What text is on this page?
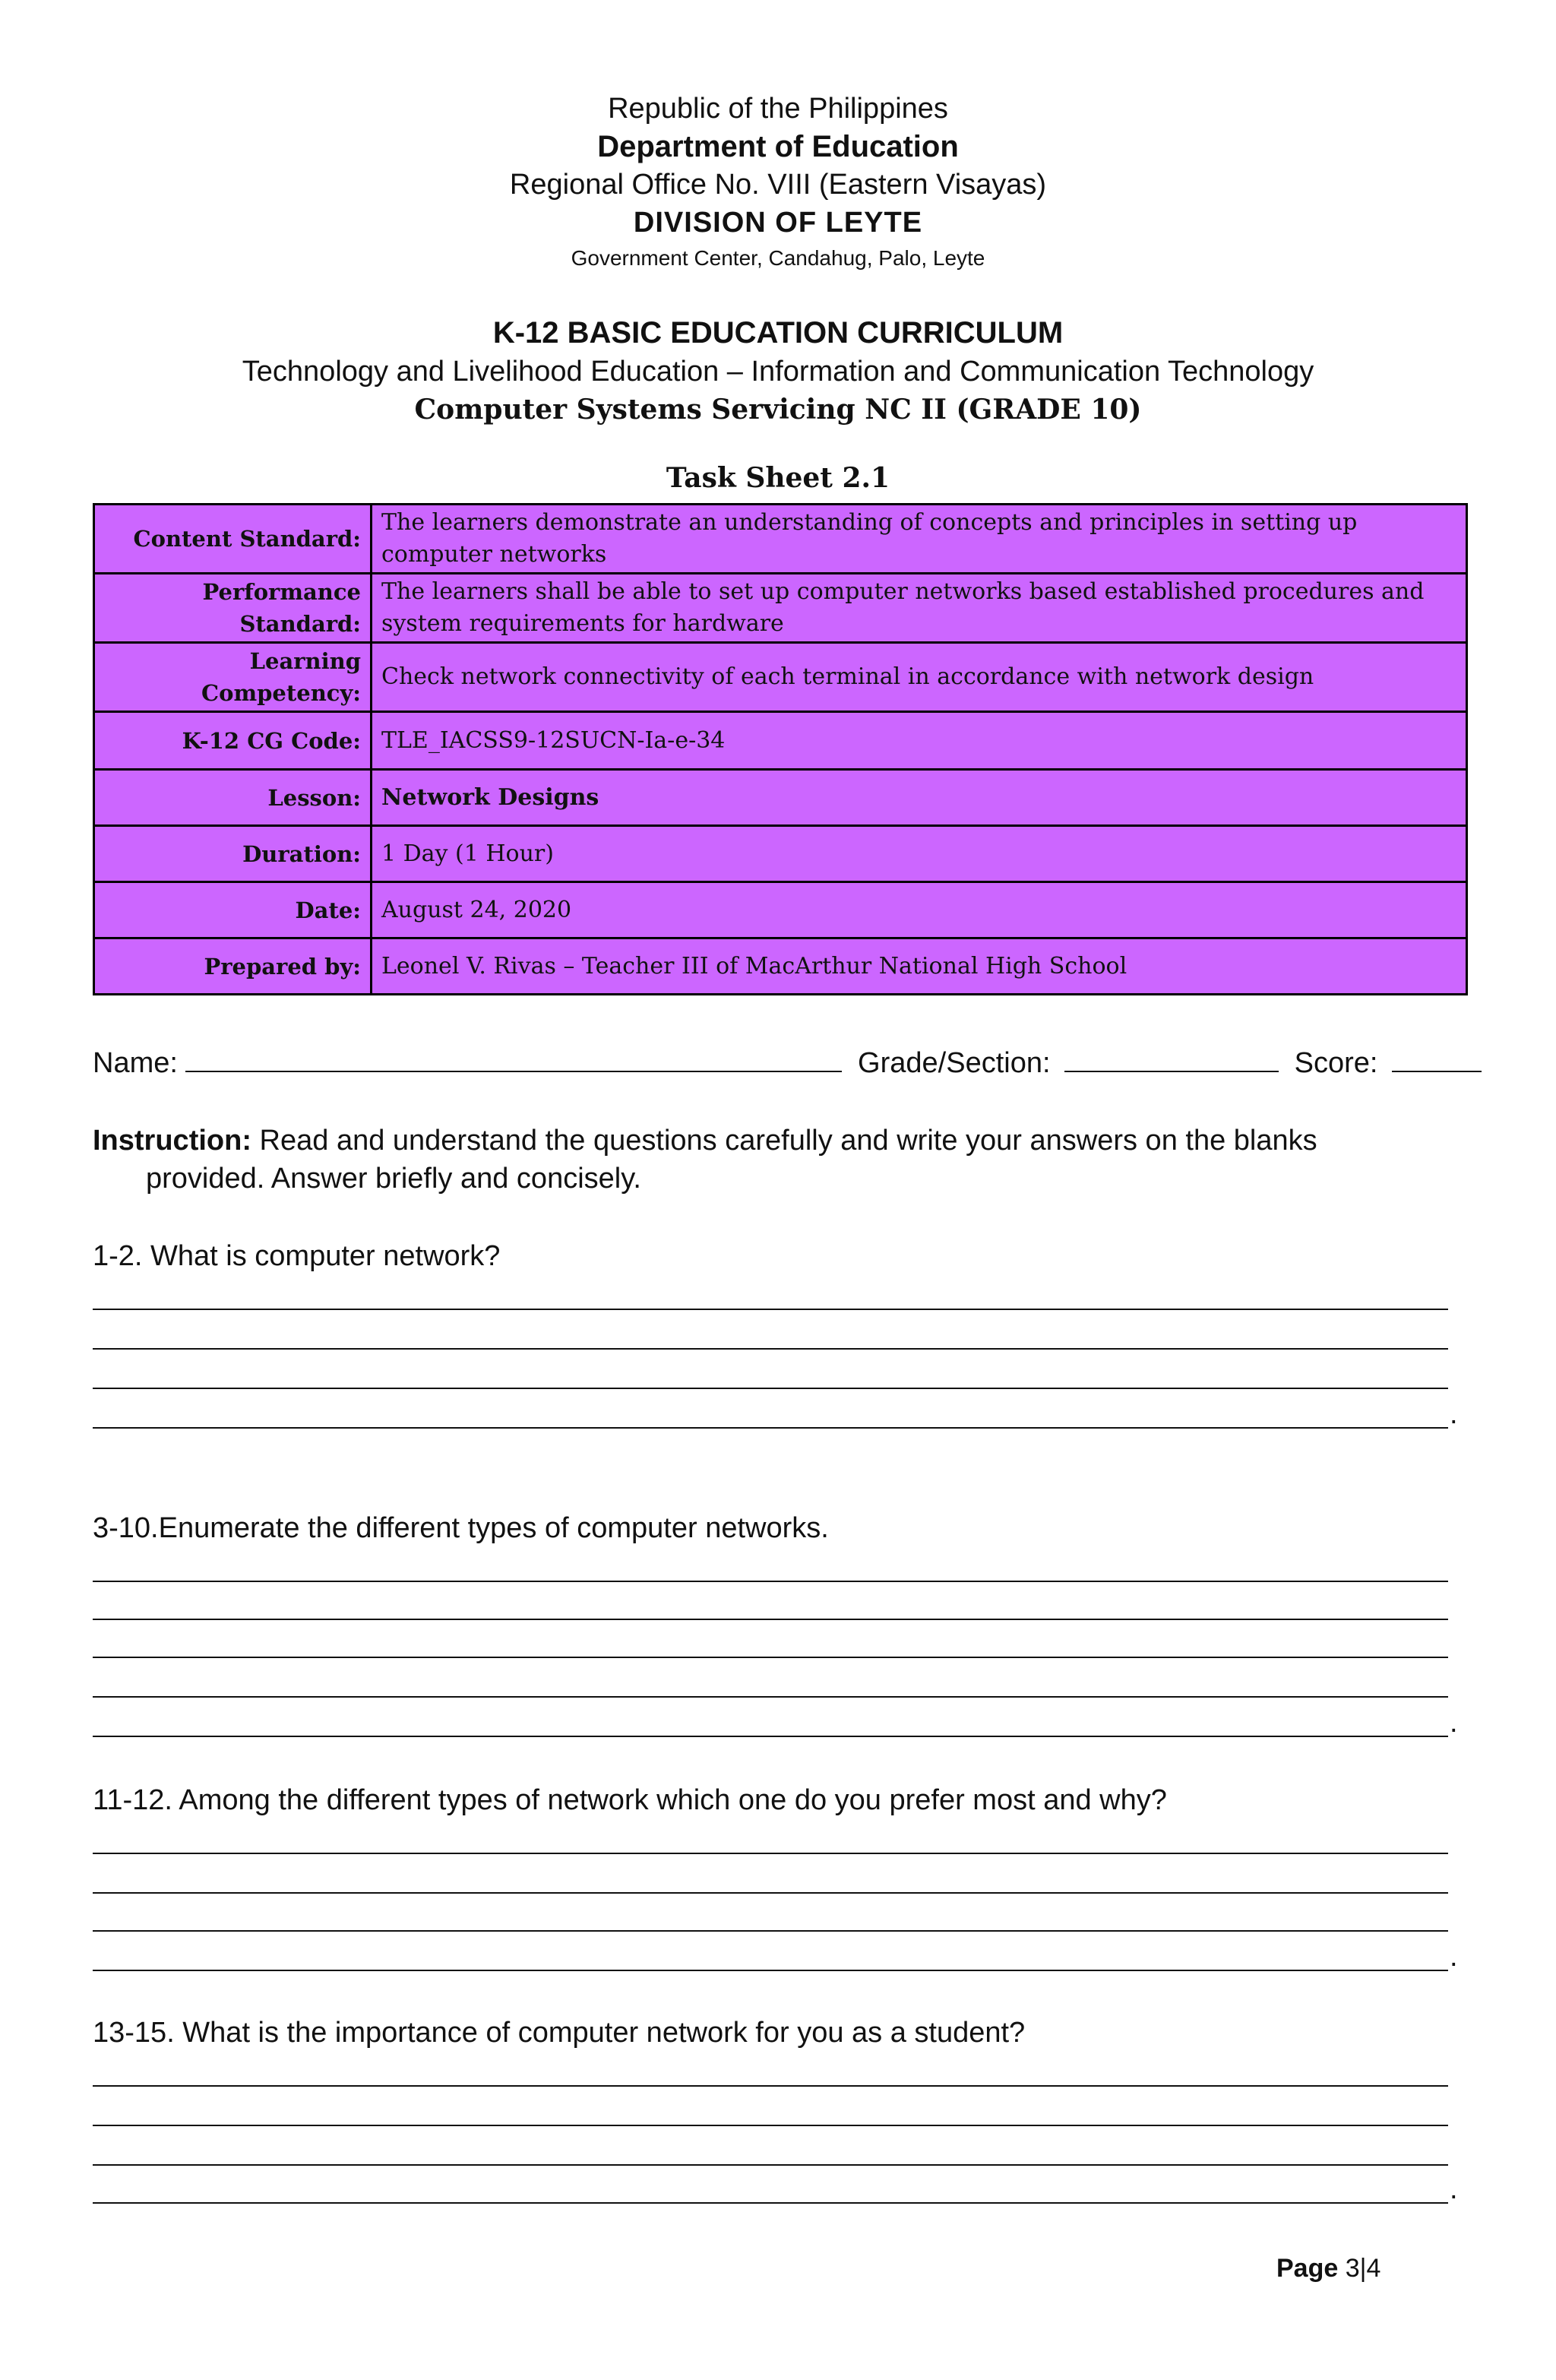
Republic of the Philippines

Department of Education

Regional Office No. VIII (Eastern Visayas)

DIVISION OF LEYTE

Government Center, Candahug, Palo, Leyte

K-12 BASIC EDUCATION CURRICULUM

Technology and Livelihood Education – Information and Communication Technology

Computer Systems Servicing NC II (GRADE 10)

Task Sheet 2.1
Content Standard:	The learners demonstrate an understanding of concepts and principles in setting up computer networks
Performance Standard:	The learners shall be able to set up computer networks based established procedures and system requirements for hardware
Learning Competency:	Check network connectivity of each terminal in accordance with network design
K-12 CG Code:	TLE_IACSS9-12SUCN-Ia-e-34
Lesson:	Network Designs
Duration:	1 Day (1 Hour)
Date:	August 24, 2020
Prepared by:	Leonel V. Rivas – Teacher III of MacArthur National High School
Name:	Grade/Section:	Score:
Instruction: Read and understand the questions carefully and write your answers on the blanks
provided. Answer briefly and concisely.
1-2. What is computer network?
.
3-10.Enumerate the different types of computer networks.
.
11-12. Among the different types of network which one do you prefer most and why?
.
13-15. What is the importance of computer network for you as a student?
.
Page 3|4
